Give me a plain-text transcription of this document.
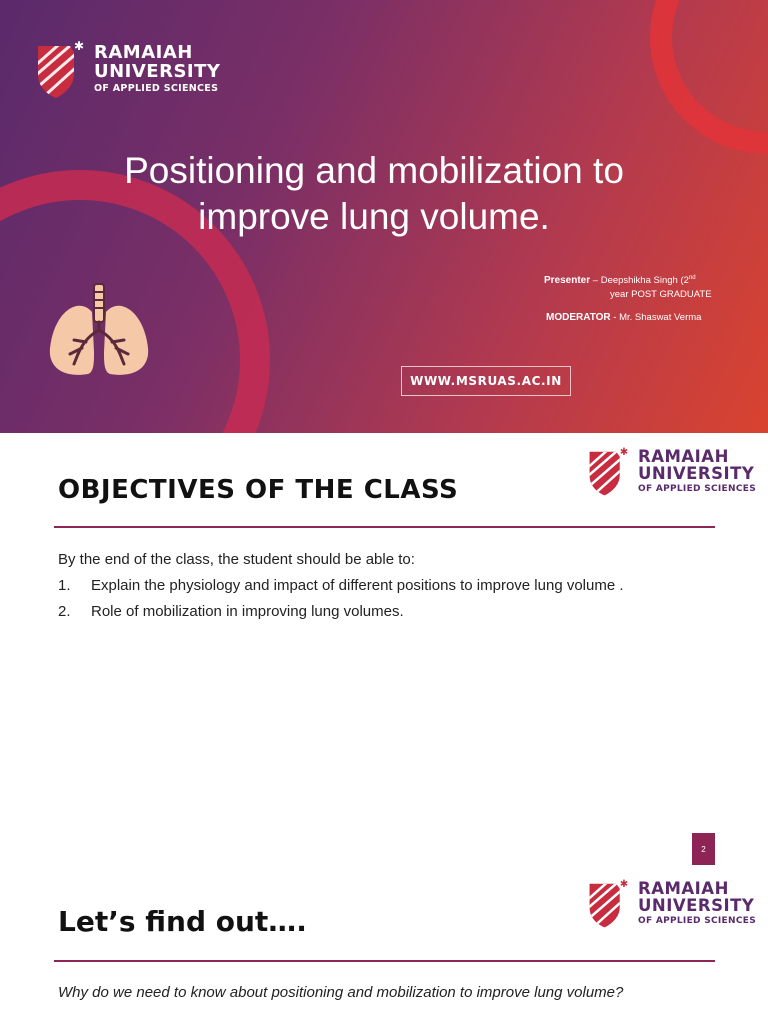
✱ RAMAIAH
UNIVERSITY
OF APPLIED SCIENCES
Positioning and mobilization to improve lung volume.
Presenter – Deepshikha Singh (2nd
year POST GRADUATE
MODERATOR - Mr. Shaswat Verma
WWW.MSRUAS.AC.IN
✱ RAMAIAH
UNIVERSITY
OF APPLIED SCIENCES
OBJECTIVES OF THE CLASS
By the end of the class, the student should be able to:
1.	Explain the physiology and impact of different positions to improve lung volume .
2.	Role of mobilization in improving lung volumes.
2
✱ RAMAIAH
UNIVERSITY
OF APPLIED SCIENCES
Let’s find out….
Why do we need to know about positioning and mobilization to improve lung volume?
